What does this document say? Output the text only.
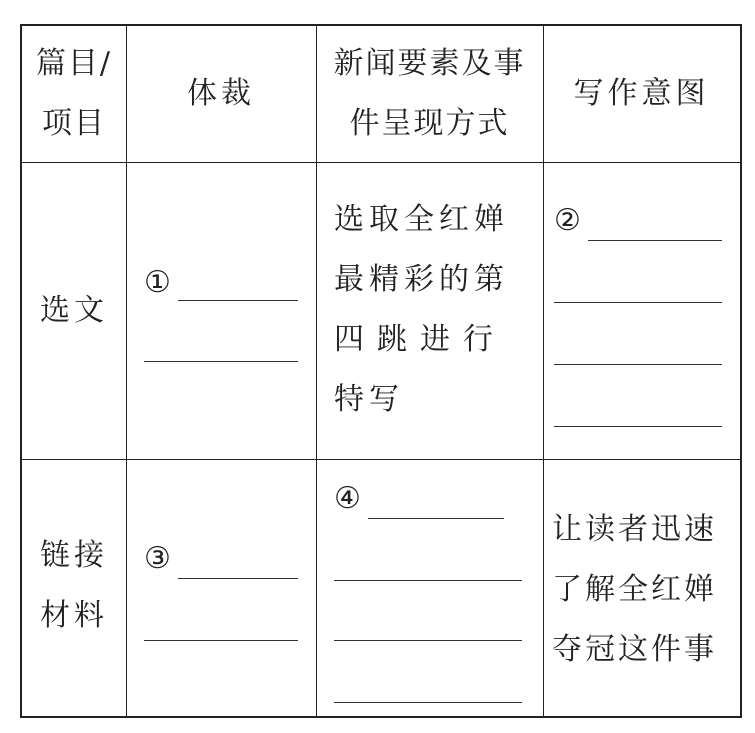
篇目/
项目
体裁
新闻要素及事
件呈现方式
写作意图
选文
①
选取全红婵
最精彩的第
四跳进行
特写
②
链接
材料
③
④
让读者迅速
了解全红婵
夺冠这件事
